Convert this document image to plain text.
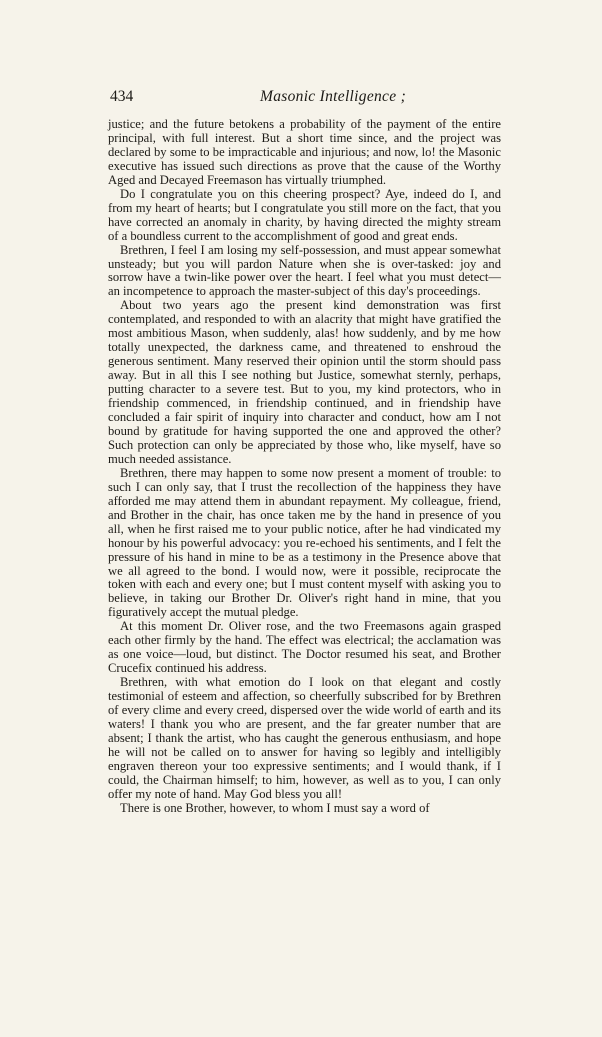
434	Masonic Intelligence ;

justice; and the future betokens a probability of the payment of the entire principal, with full interest. But a short time since, and the project was declared by some to be impracticable and injurious; and now, lo! the Masonic executive has issued such directions as prove that the cause of the Worthy Aged and Decayed Freemason has virtually triumphed.

Do I congratulate you on this cheering prospect? Aye, indeed do I, and from my heart of hearts; but I congratulate you still more on the fact, that you have corrected an anomaly in charity, by having directed the mighty stream of a boundless current to the accomplishment of good and great ends.

Brethren, I feel I am losing my self-possession, and must appear somewhat unsteady; but you will pardon Nature when she is over-tasked: joy and sorrow have a twin-like power over the heart. I feel what you must detect—an incompetence to approach the master-subject of this day's proceedings.

About two years ago the present kind demonstration was first contemplated, and responded to with an alacrity that might have gratified the most ambitious Mason, when suddenly, alas! how suddenly, and by me how totally unexpected, the darkness came, and threatened to enshroud the generous sentiment. Many reserved their opinion until the storm should pass away. But in all this I see nothing but Justice, somewhat sternly, perhaps, putting character to a severe test. But to you, my kind protectors, who in friendship commenced, in friendship continued, and in friendship have concluded a fair spirit of inquiry into character and conduct, how am I not bound by gratitude for having supported the one and approved the other? Such protection can only be appreciated by those who, like myself, have so much needed assistance.

Brethren, there may happen to some now present a moment of trouble: to such I can only say, that I trust the recollection of the happiness they have afforded me may attend them in abundant repayment. My colleague, friend, and Brother in the chair, has once taken me by the hand in presence of you all, when he first raised me to your public notice, after he had vindicated my honour by his powerful advocacy: you re-echoed his sentiments, and I felt the pressure of his hand in mine to be as a testimony in the Presence above that we all agreed to the bond. I would now, were it possible, reciprocate the token with each and every one; but I must content myself with asking you to believe, in taking our Brother Dr. Oliver's right hand in mine, that you figuratively accept the mutual pledge.

At this moment Dr. Oliver rose, and the two Freemasons again grasped each other firmly by the hand. The effect was electrical; the acclamation was as one voice—loud, but distinct. The Doctor resumed his seat, and Brother Crucefix continued his address.

Brethren, with what emotion do I look on that elegant and costly testimonial of esteem and affection, so cheerfully subscribed for by Brethren of every clime and every creed, dispersed over the wide world of earth and its waters! I thank you who are present, and the far greater number that are absent; I thank the artist, who has caught the generous enthusiasm, and hope he will not be called on to answer for having so legibly and intelligibly engraven thereon your too expressive sentiments; and I would thank, if I could, the Chairman himself; to him, however, as well as to you, I can only offer my note of hand. May God bless you all!

There is one Brother, however, to whom I must say a word of
